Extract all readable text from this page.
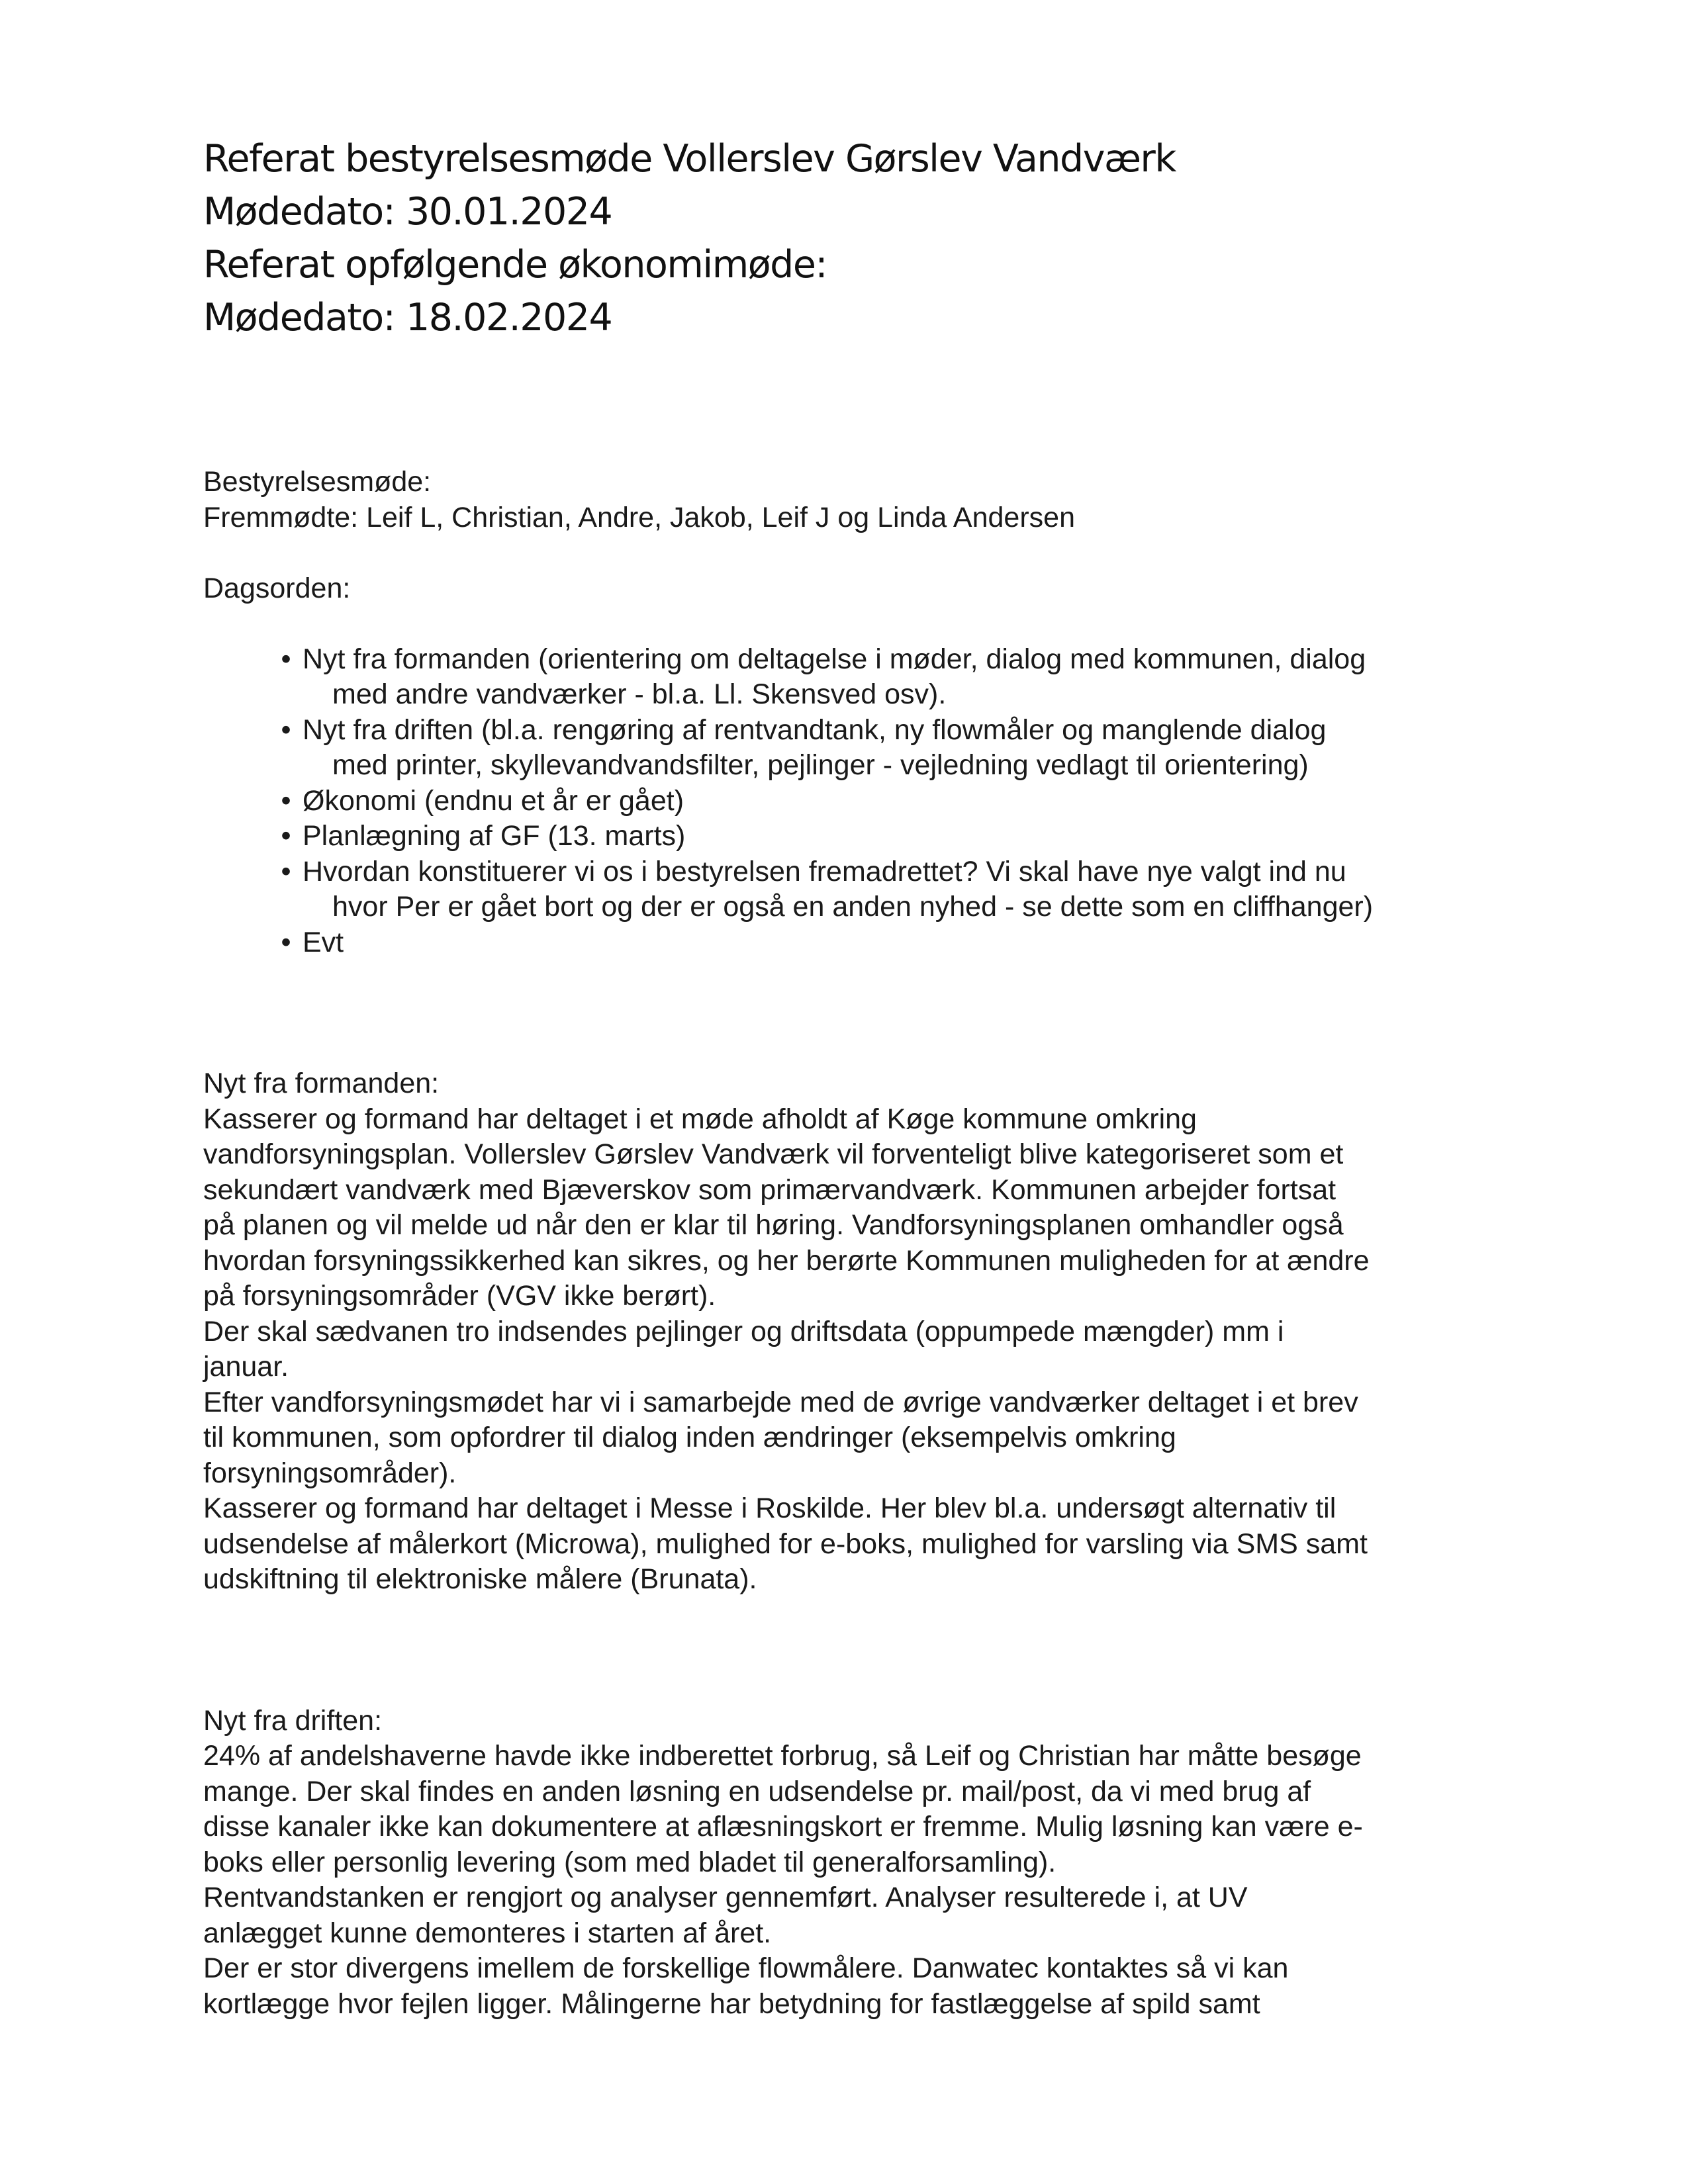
Referat bestyrelsesmøde Vollerslev Gørslev Vandværk
Mødedato: 30.01.2024
Referat opfølgende økonomimøde:
Mødedato: 18.02.2024
Bestyrelsesmøde:
Fremmødte: Leif L, Christian, Andre, Jakob, Leif J og Linda Andersen
Dagsorden:
• Nyt fra formanden (orientering om deltagelse i møder, dialog med kommunen, dialog
med andre vandværker - bl.a. Ll. Skensved osv).
• Nyt fra driften (bl.a. rengøring af rentvandtank, ny flowmåler og manglende dialog
med printer, skyllevandvandsfilter, pejlinger - vejledning vedlagt til orientering)
• Økonomi (endnu et år er gået)
• Planlægning af GF (13. marts)
• Hvordan konstituerer vi os i bestyrelsen fremadrettet? Vi skal have nye valgt ind nu
hvor Per er gået bort og der er også en anden nyhed - se dette som en cliffhanger)
• Evt
Nyt fra formanden:
Kasserer og formand har deltaget i et møde afholdt af Køge kommune omkring
vandforsyningsplan. Vollerslev Gørslev Vandværk vil forventeligt blive kategoriseret som et
sekundært vandværk med Bjæverskov som primærvandværk. Kommunen arbejder fortsat
på planen og vil melde ud når den er klar til høring. Vandforsyningsplanen omhandler også
hvordan forsyningssikkerhed kan sikres, og her berørte Kommunen muligheden for at ændre
på forsyningsområder (VGV ikke berørt).
Der skal sædvanen tro indsendes pejlinger og driftsdata (oppumpede mængder) mm i
januar.
Efter vandforsyningsmødet har vi i samarbejde med de øvrige vandværker deltaget i et brev
til kommunen, som opfordrer til dialog inden ændringer (eksempelvis omkring
forsyningsområder).
Kasserer og formand har deltaget i Messe i Roskilde. Her blev bl.a. undersøgt alternativ til
udsendelse af målerkort (Microwa), mulighed for e-boks, mulighed for varsling via SMS samt
udskiftning til elektroniske målere (Brunata).
Nyt fra driften:
24% af andelshaverne havde ikke indberettet forbrug, så Leif og Christian har måtte besøge
mange. Der skal findes en anden løsning en udsendelse pr. mail/post, da vi med brug af
disse kanaler ikke kan dokumentere at aflæsningskort er fremme. Mulig løsning kan være e-
boks eller personlig levering (som med bladet til generalforsamling).
Rentvandstanken er rengjort og analyser gennemført. Analyser resulterede i, at UV
anlægget kunne demonteres i starten af året.
Der er stor divergens imellem de forskellige flowmålere. Danwatec kontaktes så vi kan
kortlægge hvor fejlen ligger. Målingerne har betydning for fastlæggelse af spild samt
